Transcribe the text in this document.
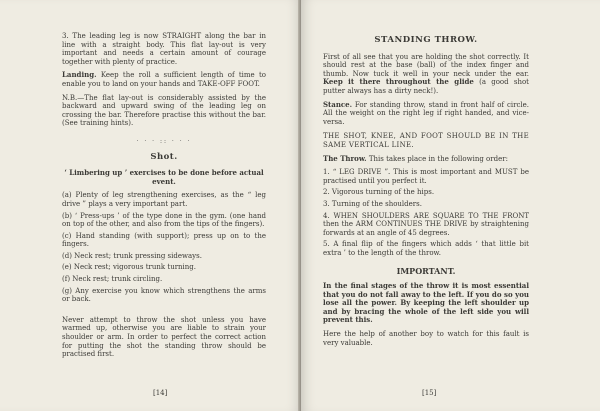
3. The leading leg is now STRAIGHT along the bar in line with a straight body. This flat lay-out is very important and needs a certain amount of courage together with plenty of practice.

Landing. Keep the roll a sufficient length of time to enable you to land on your hands and TAKE-OFF FOOT.

N.B.—The flat lay-out is considerably assisted by the backward and upward swing of the leading leg on crossing the bar. Therefore practise this without the bar. (See training hints).

· · · :: · · ·
Shot.

‘ Limbering up ’ exercises to be done before actual event.

(a) Plenty of leg strengthening exercises, as the “ leg drive ” plays a very important part.

(b) ‘ Press-ups ’ of the type done in the gym. (one hand on top of the other, and also from the tips of the fingers).

(c) Hand standing (with support); press up on to the fingers.

(d) Neck rest; trunk pressing sideways.

(e) Neck rest; vigorous trunk turning.

(f) Neck rest; trunk circling.

(g) Any exercise you know which strengthens the arms or back.

Never attempt to throw the shot unless you have warmed up, otherwise you are liable to strain your shoulder or arm. In order to perfect the correct action for putting the shot the standing throw should be practised first.

[14]
STANDING THROW.

First of all see that you are holding the shot correctly. It should rest at the base (ball) of the index finger and thumb. Now tuck it well in your neck under the ear. Keep it there throughout the glide (a good shot putter always has a dirty neck!).

Stance. For standing throw, stand in front half of circle. All the weight on the right leg if right handed, and vice-versa.

THE SHOT, KNEE, AND FOOT SHOULD BE IN THE SAME VERTICAL LINE.

The Throw. This takes place in the following order:

1. “ LEG DRIVE ”. This is most important and MUST be practised until you perfect it.

2. Vigorous turning of the hips.

3. Turning of the shoulders.

4. WHEN SHOULDERS ARE SQUARE TO THE FRONT then the ARM CONTINUES THE DRIVE by straightening forwards at an angle of 45 degrees.

5. A final flip of the fingers which adds ‘ that little bit extra ’ to the length of the throw.

IMPORTANT.

In the final stages of the throw it is most essential that you do not fall away to the left. If you do so you lose all the power. By keeping the left shoulder up and by bracing the whole of the left side you will prevent this.

Here the help of another boy to watch for this fault is very valuable.

[15]
